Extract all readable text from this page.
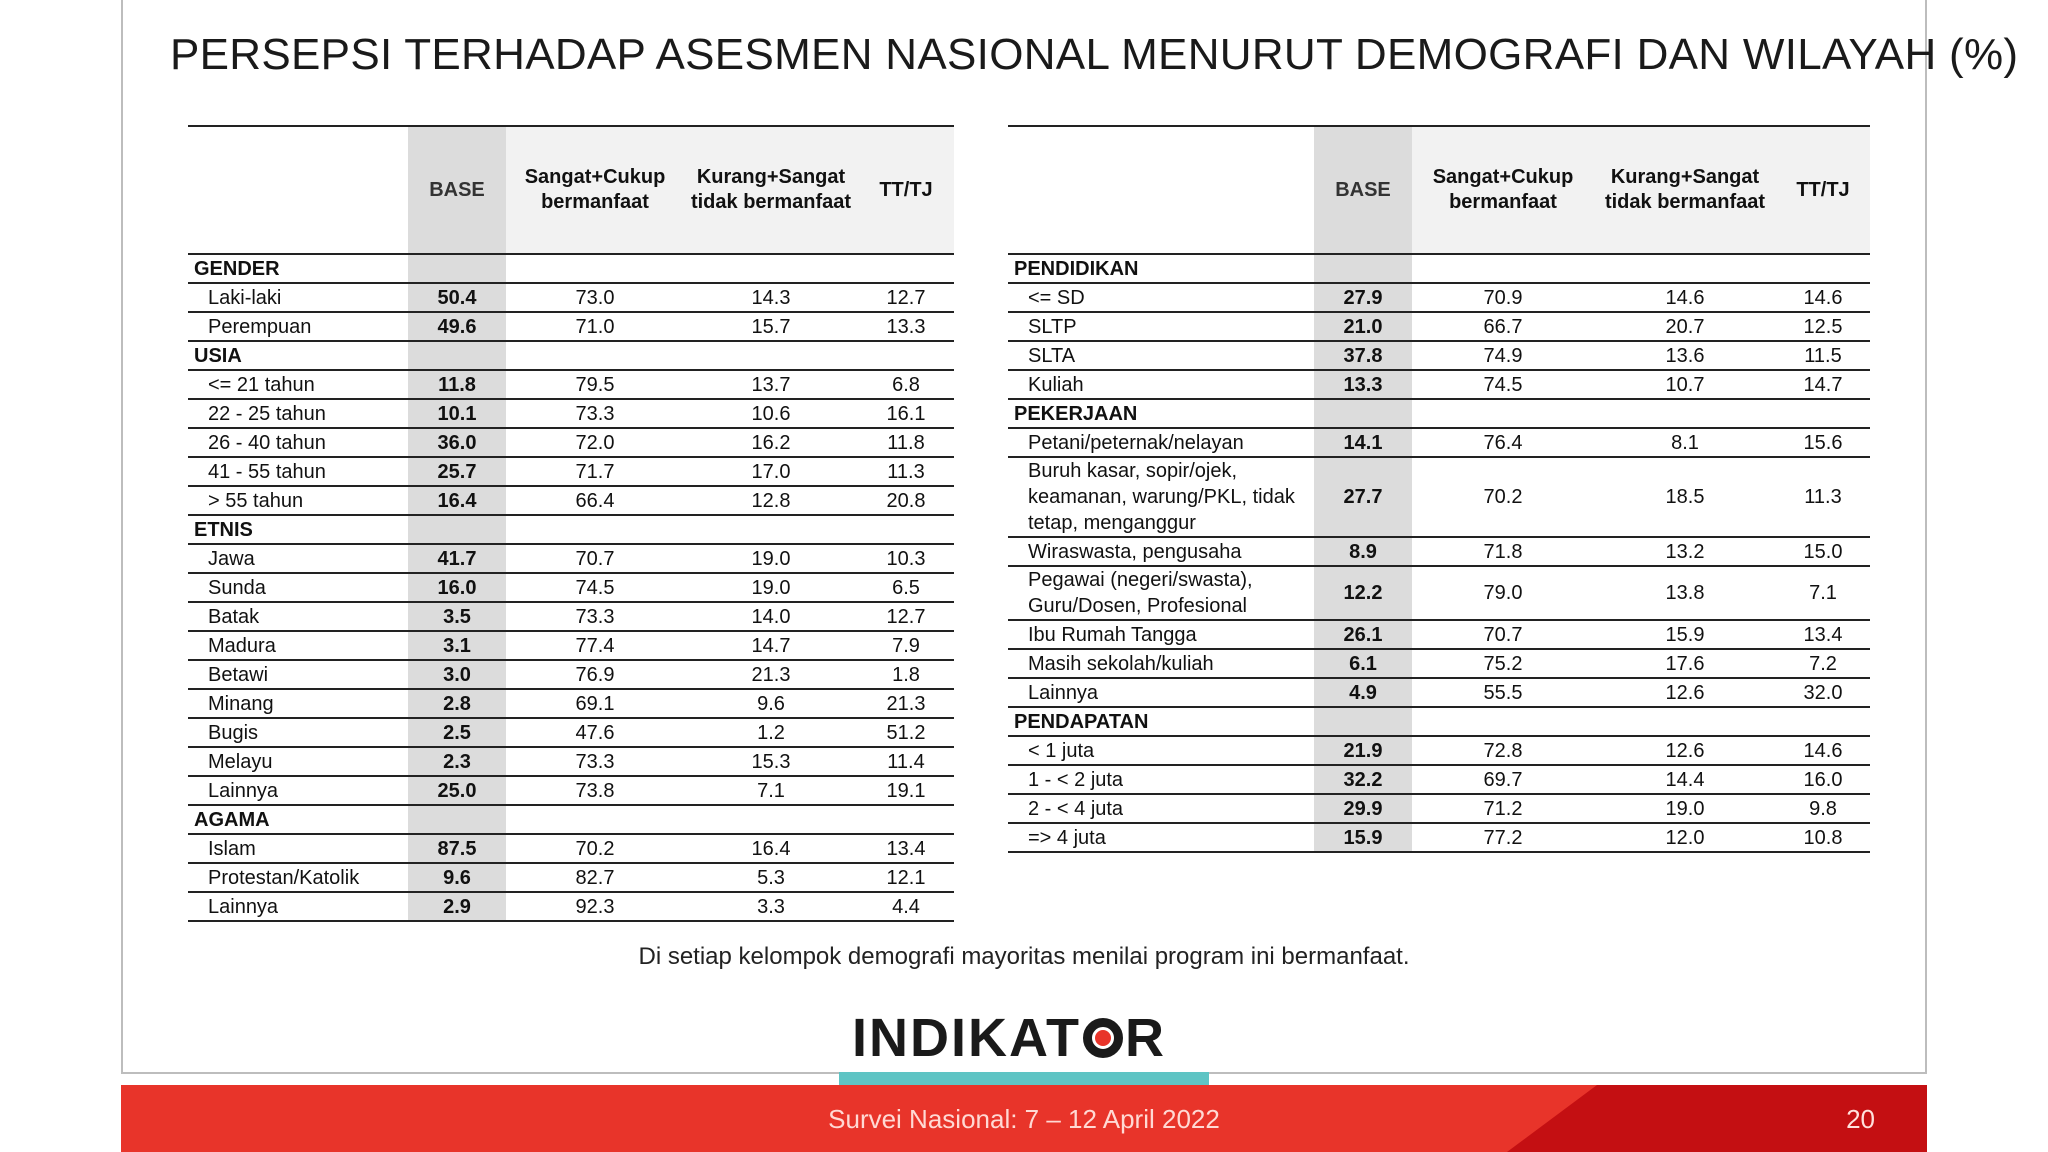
PERSEPSI TERHADAP ASESMEN NASIONAL MENURUT DEMOGRAFI DAN WILAYAH (%)
	BASE	Sangat+Cukup bermanfaat	Kurang+Sangat tidak bermanfaat	TT/TJ
GENDER				
Laki-laki	50.4	73.0	14.3	12.7
Perempuan	49.6	71.0	15.7	13.3
USIA				
<= 21 tahun	11.8	79.5	13.7	6.8
22 - 25 tahun	10.1	73.3	10.6	16.1
26 - 40 tahun	36.0	72.0	16.2	11.8
41 - 55 tahun	25.7	71.7	17.0	11.3
> 55 tahun	16.4	66.4	12.8	20.8
ETNIS				
Jawa	41.7	70.7	19.0	10.3
Sunda	16.0	74.5	19.0	6.5
Batak	3.5	73.3	14.0	12.7
Madura	3.1	77.4	14.7	7.9
Betawi	3.0	76.9	21.3	1.8
Minang	2.8	69.1	9.6	21.3
Bugis	2.5	47.6	1.2	51.2
Melayu	2.3	73.3	15.3	11.4
Lainnya	25.0	73.8	7.1	19.1
AGAMA				
Islam	87.5	70.2	16.4	13.4
Protestan/Katolik	9.6	82.7	5.3	12.1
Lainnya	2.9	92.3	3.3	4.4
	BASE	Sangat+Cukup bermanfaat	Kurang+Sangat tidak bermanfaat	TT/TJ
PENDIDIKAN				
<= SD	27.9	70.9	14.6	14.6
SLTP	21.0	66.7	20.7	12.5
SLTA	37.8	74.9	13.6	11.5
Kuliah	13.3	74.5	10.7	14.7
PEKERJAAN				
Petani/peternak/nelayan	14.1	76.4	8.1	15.6
Buruh kasar, sopir/ojek, keamanan, warung/PKL, tidak tetap, menganggur	27.7	70.2	18.5	11.3
Wiraswasta, pengusaha	8.9	71.8	13.2	15.0
Pegawai (negeri/swasta), Guru/Dosen, Profesional	12.2	79.0	13.8	7.1
Ibu Rumah Tangga	26.1	70.7	15.9	13.4
Masih sekolah/kuliah	6.1	75.2	17.6	7.2
Lainnya	4.9	55.5	12.6	32.0
PENDAPATAN				
< 1 juta	21.9	72.8	12.6	14.6
1 - < 2 juta	32.2	69.7	14.4	16.0
2 - < 4 juta	29.9	71.2	19.0	9.8
=> 4 juta	15.9	77.2	12.0	10.8
Di setiap kelompok demografi mayoritas menilai program ini bermanfaat.
INDIKAT R
Survei Nasional: 7 – 12 April 2022	20
